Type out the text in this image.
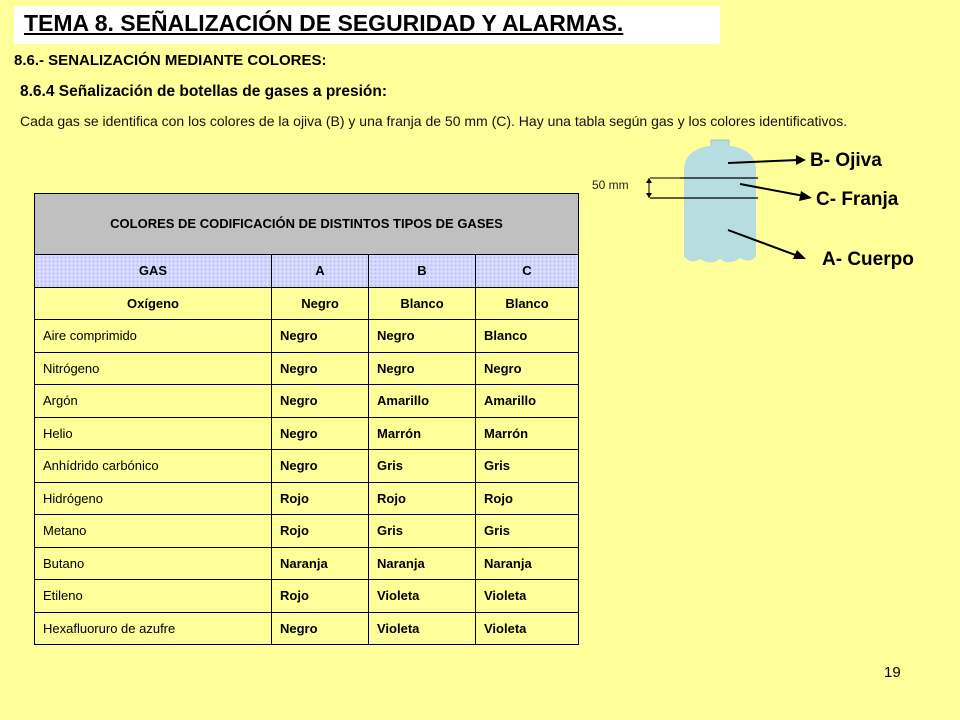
TEMA 8. SEÑALIZACIÓN DE SEGURIDAD Y ALARMAS.
8.6.- SENALIZACIÓN MEDIANTE COLORES:
8.6.4 Señalización de botellas de gases a presión:
Cada gas se identifica con los colores de la ojiva (B) y una franja de 50 mm (C). Hay una tabla según gas y los colores identificativos.
COLORES DE CODIFICACIÓN DE DISTINTOS TIPOS DE GASES			
GAS	A	B	C
Oxígeno	Negro	Blanco	Blanco
Aire comprimido	Negro	Negro	Blanco
Nitrógeno	Negro	Negro	Negro
Argón	Negro	Amarillo	Amarillo
Helio	Negro	Marrón	Marrón
Anhídrido carbónico	Negro	Gris	Gris
Hidrógeno	Rojo	Rojo	Rojo
Metano	Rojo	Gris	Gris
Butano	Naranja	Naranja	Naranja
Etileno	Rojo	Violeta	Violeta
Hexafluoruro de azufre	Negro	Violeta	Violeta
50 mm
B- Ojiva
C- Franja
A- Cuerpo
19
